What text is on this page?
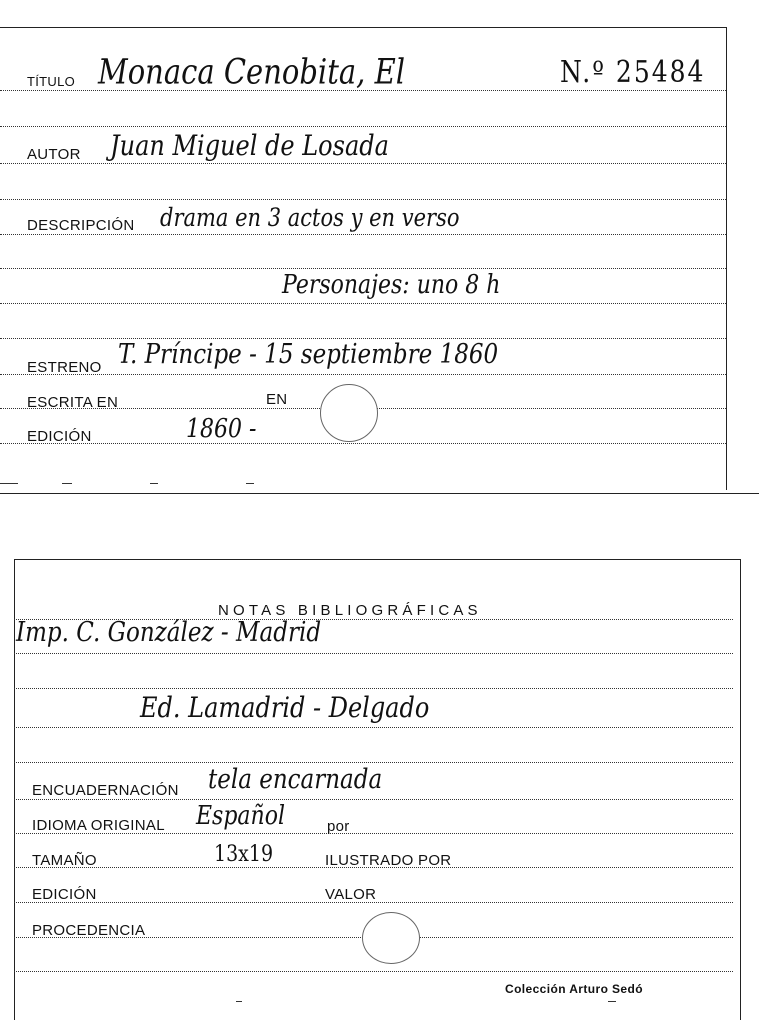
TÍTULO Monaca Cenobita, El	N.º 25484
AUTOR Juan Miguel de Losada
DESCRIPCIÓN drama en 3 actos y en verso
Personajes: uno 8 h
ESTRENO T. Príncipe - 15 septiembre 1860
ESCRITA EN	EN
EDICIÓN	1860 -
NOTAS BIBLIOGRÁFICAS
Imp. C. González - Madrid
Ed. Lamadrid - Delgado
ENCUADERNACIÓN tela encarnada
IDIOMA ORIGINAL Español	por
TAMAÑO	13x19	ILUSTRADO POR
EDICIÓN	VALOR
PROCEDENCIA
Colección Arturo Sedó
